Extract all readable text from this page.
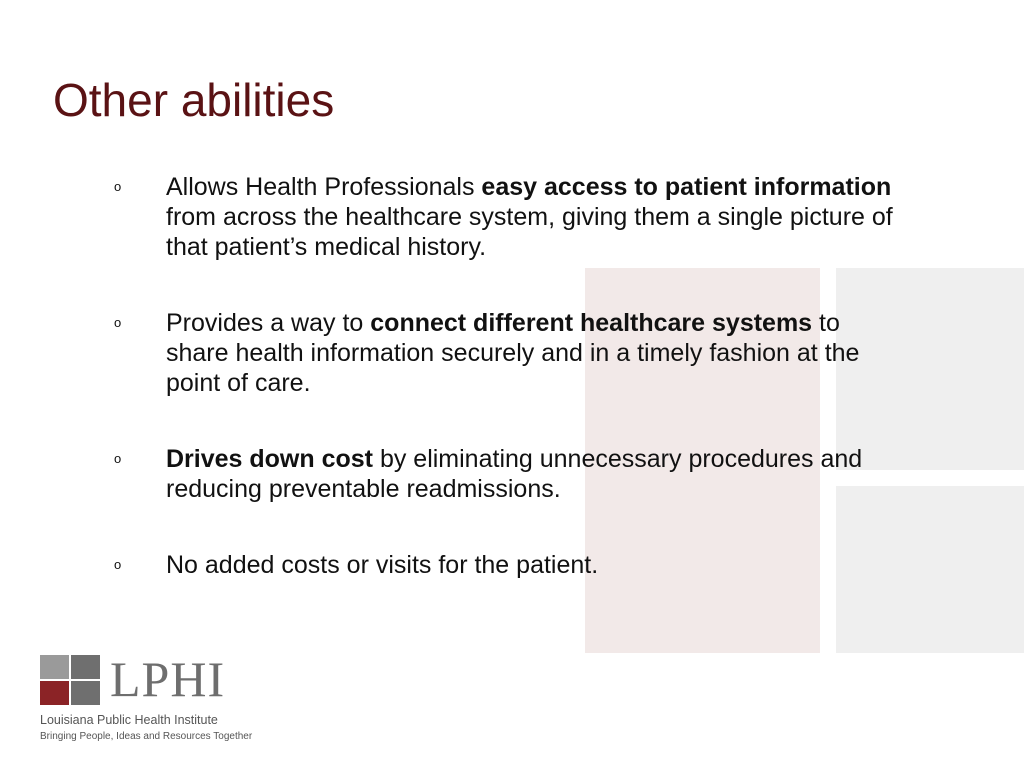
Other abilities
o Allows Health Professionals easy access to patient information from across the healthcare system, giving them a single picture of that patient’s medical history.
o Provides a way to connect different healthcare systems to share health information securely and in a timely fashion at the point of care.
o Drives down cost by eliminating unnecessary procedures and reducing preventable readmissions.
o No added costs or visits for the patient.
LPHI
Louisiana Public Health Institute
Bringing People, Ideas and Resources Together
